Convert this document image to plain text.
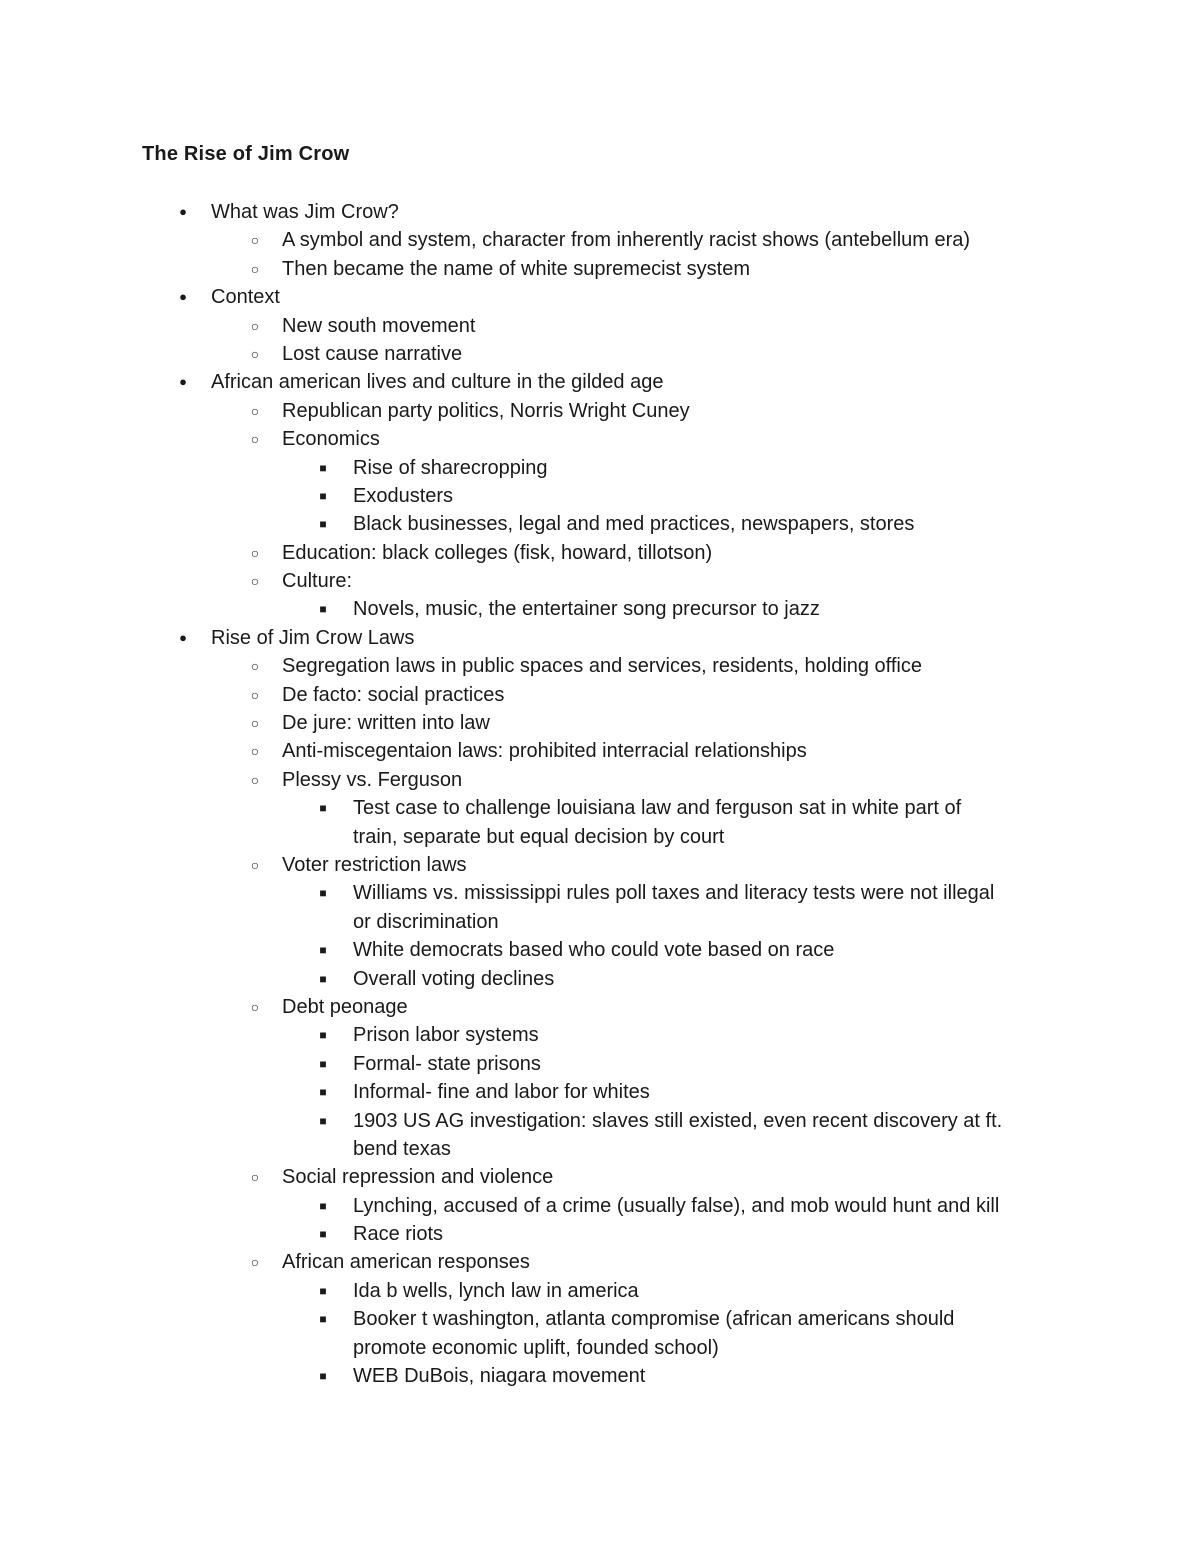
The Rise of Jim Crow
●	What was Jim Crow?
○ A symbol and system, character from inherently racist shows (antebellum era)
○ Then became the name of white supremecist system
●	Context
○ New south movement
○ Lost cause narrative
●	African american lives and culture in the gilded age
○ Republican party politics, Norris Wright Cuney
○ Economics
■	Rise of sharecropping
■	Exodusters
■	Black businesses, legal and med practices, newspapers, stores
○ Education: black colleges (fisk, howard, tillotson)
○ Culture:
■	Novels, music, the entertainer song precursor to jazz
●	Rise of Jim Crow Laws
○ Segregation laws in public spaces and services, residents, holding office
○ De facto: social practices
○ De jure: written into law
○ Anti-miscegentaion laws: prohibited interracial relationships
○ Plessy vs. Ferguson
■	Test case to challenge louisiana law and ferguson sat in white part of
train, separate but equal decision by court
○ Voter restriction laws
■	Williams vs. mississippi rules poll taxes and literacy tests were not illegal
or discrimination
■	White democrats based who could vote based on race
■	Overall voting declines
○ Debt peonage
■	Prison labor systems
■	Formal- state prisons
■	Informal- fine and labor for whites
■	1903 US AG investigation: slaves still existed, even recent discovery at ft.
bend texas
○ Social repression and violence
■	Lynching, accused of a crime (usually false), and mob would hunt and kill
■	Race riots
○ African american responses
■	Ida b wells, lynch law in america
■	Booker t washington, atlanta compromise (african americans should
promote economic uplift, founded school)
■	WEB DuBois, niagara movement
